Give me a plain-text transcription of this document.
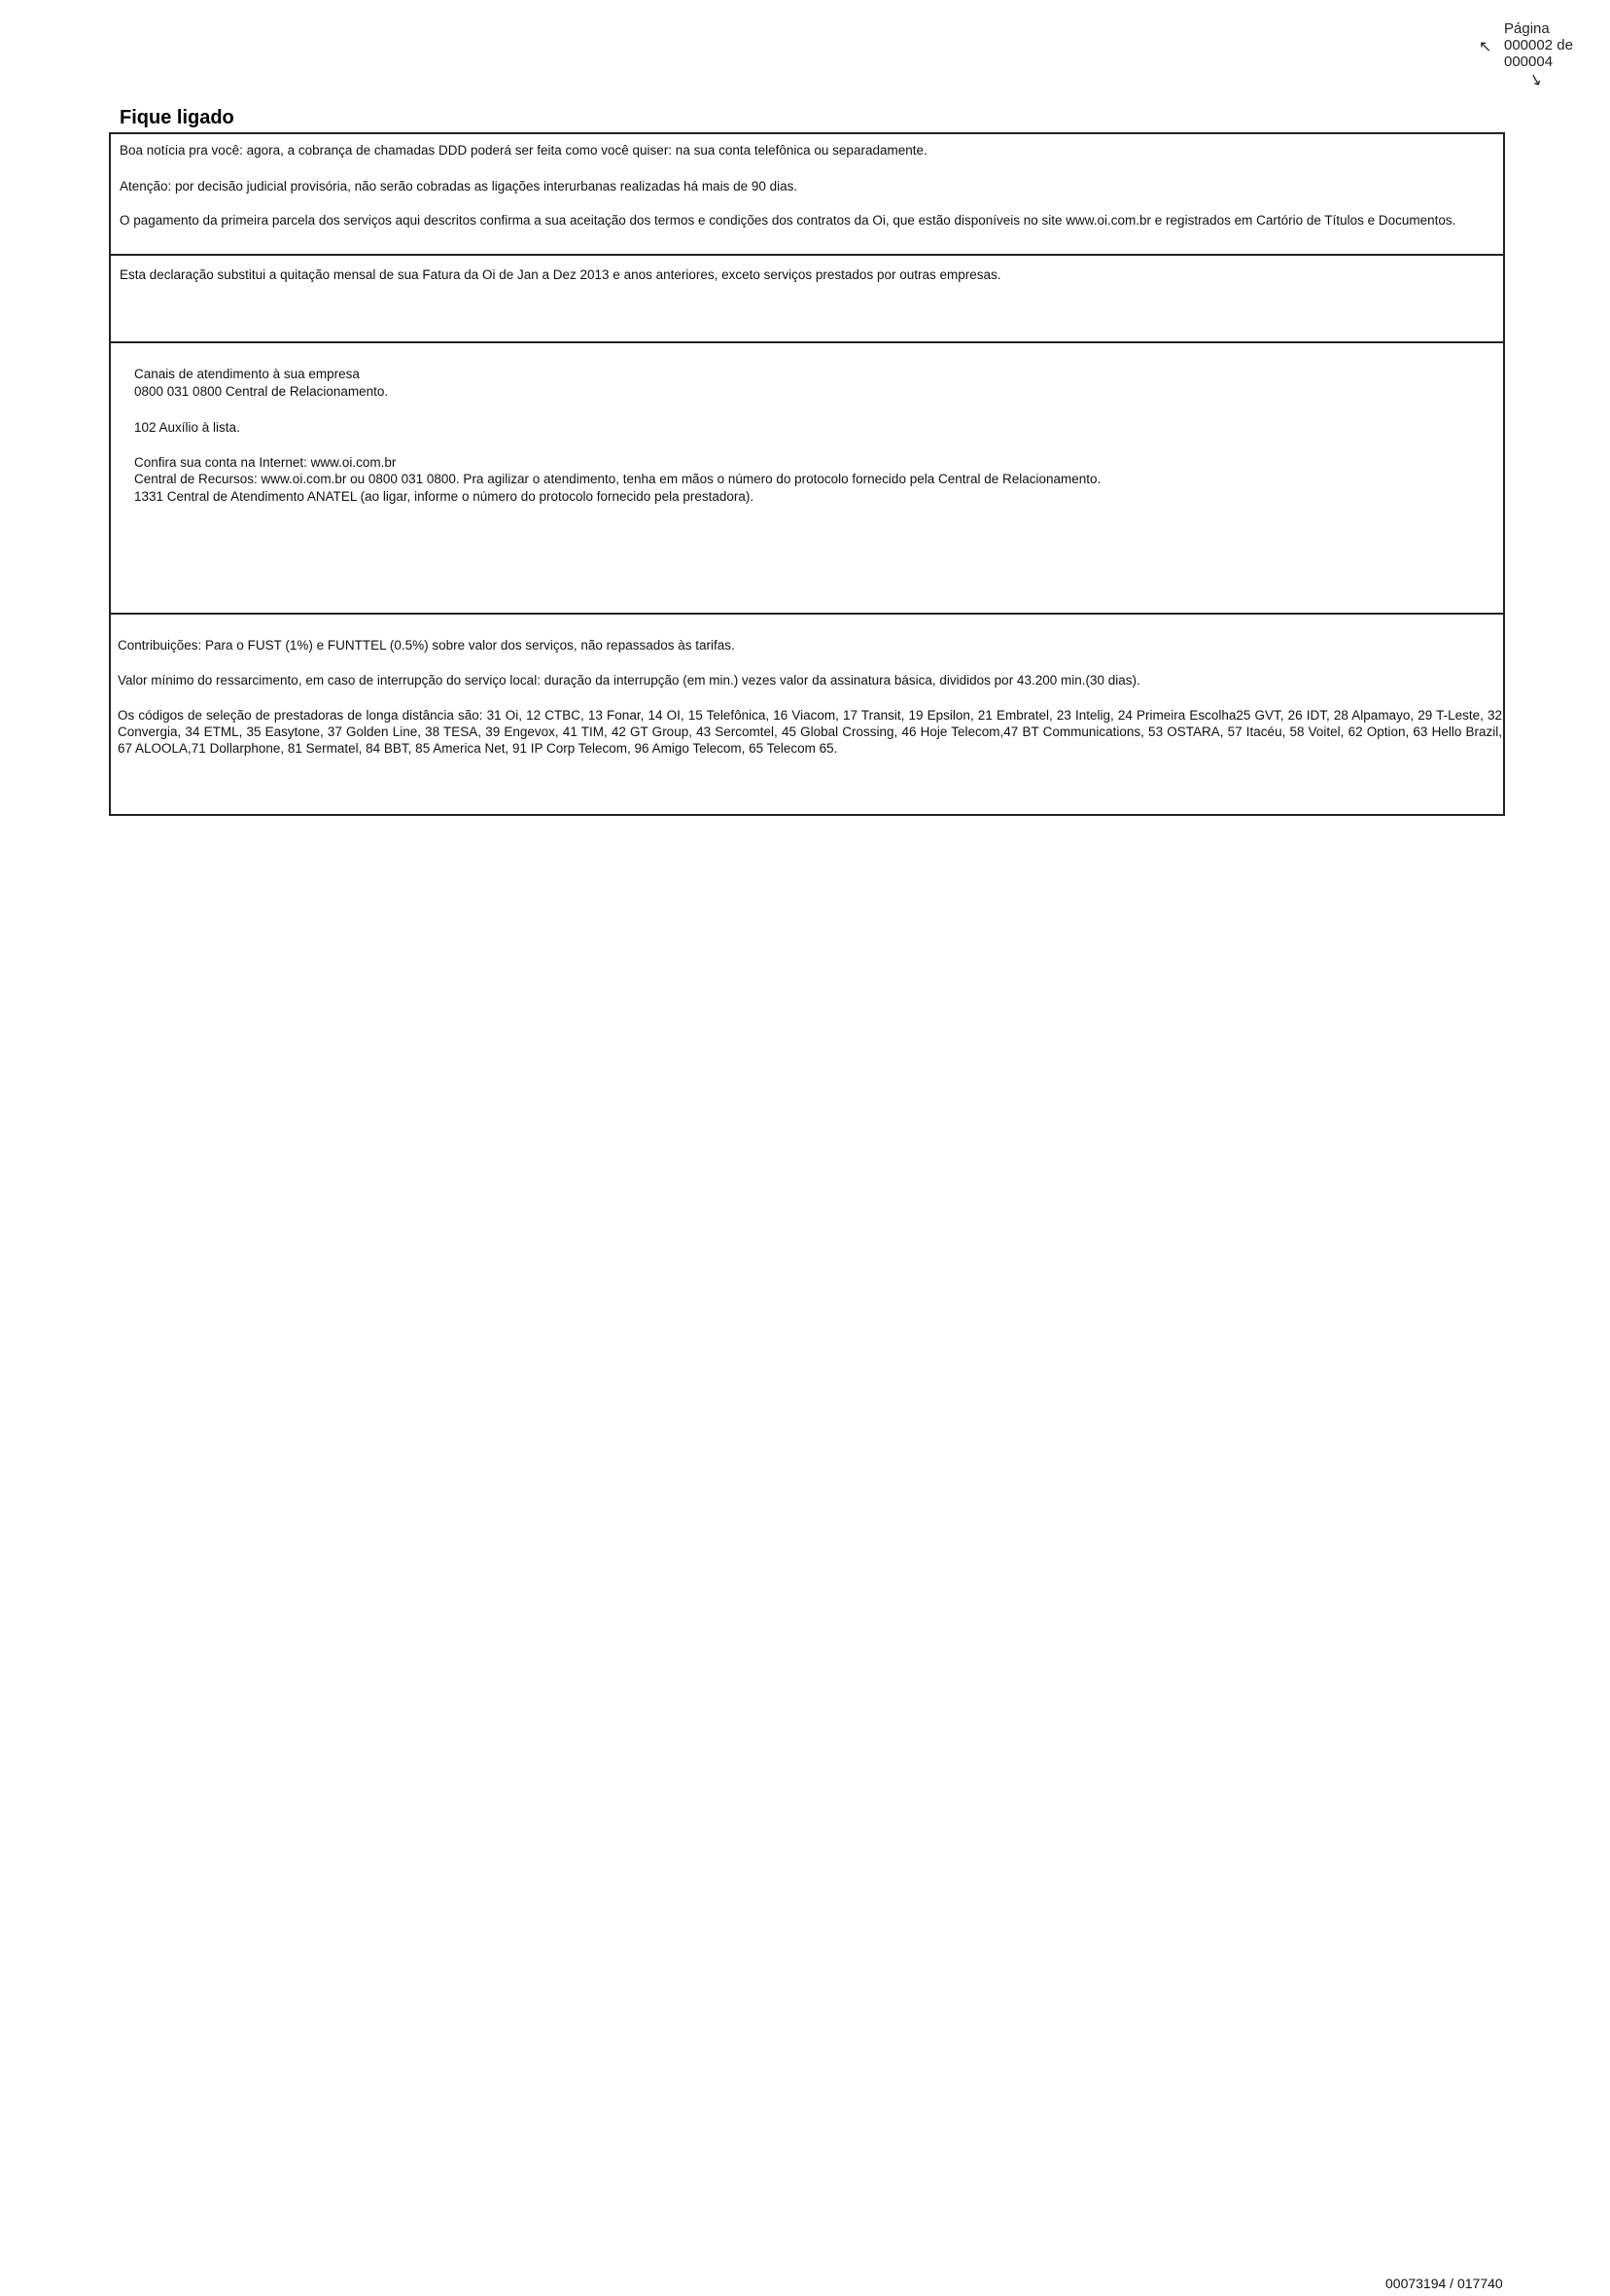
Página
000002 de
000004
↖
↘
Fique ligado
Boa notícia pra você: agora, a cobrança de chamadas DDD poderá ser feita como você quiser: na sua conta telefônica ou separadamente.
Atenção: por decisão judicial provisória, não serão cobradas as ligações interurbanas realizadas há mais de 90 dias.
O pagamento da primeira parcela dos serviços aqui descritos confirma a sua aceitação dos termos e condições dos contratos da Oi, que estão disponíveis no site www.oi.com.br e registrados em Cartório de Títulos e Documentos.
Esta declaração substitui a quitação mensal de sua Fatura da Oi de Jan a Dez 2013 e anos anteriores, exceto serviços prestados por outras empresas.
Canais de atendimento à sua empresa
0800 031 0800 Central de Relacionamento.
102 Auxílio à lista.
Confira sua conta na Internet: www.oi.com.br
Central de Recursos: www.oi.com.br ou 0800 031 0800. Pra agilizar o atendimento, tenha em mãos o número do protocolo fornecido pela Central de Relacionamento.
1331 Central de Atendimento ANATEL (ao ligar, informe o número do protocolo fornecido pela prestadora).
Contribuições: Para o FUST (1%) e FUNTTEL (0.5%) sobre valor dos serviços, não repassados às tarifas.
Valor mínimo do ressarcimento, em caso de interrupção do serviço local: duração da interrupção (em min.) vezes valor da assinatura básica, divididos por 43.200 min.(30 dias).
Os códigos de seleção de prestadoras de longa distância são: 31 Oi, 12 CTBC, 13 Fonar, 14 OI, 15 Telefônica, 16 Viacom, 17 Transit, 19 Epsilon, 21 Embratel, 23 Intelig, 24 Primeira Escolha25 GVT, 26 IDT, 28 Alpamayo, 29 T-Leste, 32 Convergia, 34 ETML, 35 Easytone, 37 Golden Line, 38 TESA, 39 Engevox, 41 TIM, 42 GT Group, 43 Sercomtel, 45 Global Crossing, 46 Hoje Telecom,47 BT Communications, 53 OSTARA, 57 Itacéu, 58 Voitel, 62 Option, 63 Hello Brazil, 67 ALOOLA,71 Dollarphone, 81 Sermatel, 84 BBT, 85 America Net, 91 IP Corp Telecom, 96 Amigo Telecom, 65 Telecom 65.
00073194 / 017740
